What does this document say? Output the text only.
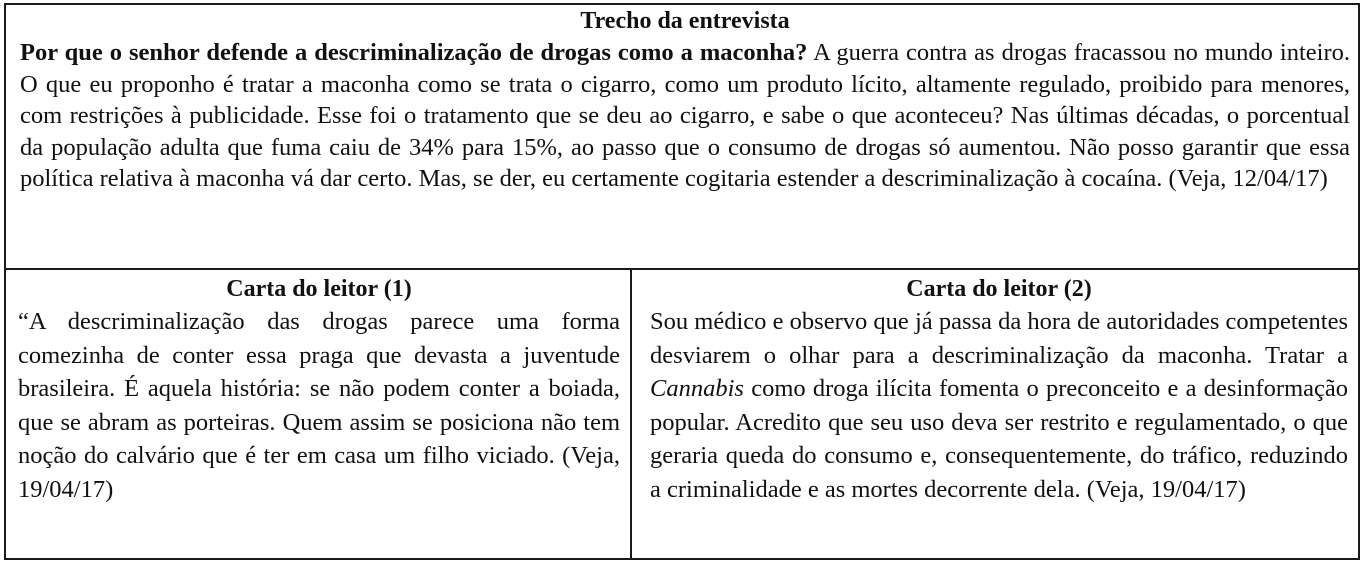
Trecho da entrevista

Por que o senhor defende a descriminalização de drogas como a maconha? A guerra contra as drogas fracassou no mundo inteiro. O que eu proponho é tratar a maconha como se trata o cigarro, como um produto lícito, altamente regulado, proibido para menores, com restrições à publicidade. Esse foi o tratamento que se deu ao cigarro, e sabe o que aconteceu? Nas últimas décadas, o porcentual da população adulta que fuma caiu de 34% para 15%, ao passo que o consumo de drogas só aumentou. Não posso garantir que essa política relativa à maconha vá dar certo. Mas, se der, eu certamente cogitaria estender a descriminalização à cocaína. (Veja, 12/04/17)

Carta do leitor (1)

“A descriminalização das drogas parece uma forma comezinha de conter essa praga que devasta a juventude brasileira. É aquela história: se não podem conter a boiada, que se abram as porteiras. Quem assim se posiciona não tem noção do calvário que é ter em casa um filho viciado. (Veja, 19/04/17)

Carta do leitor (2)

Sou médico e observo que já passa da hora de autoridades competentes desviarem o olhar para a descriminalização da maconha. Tratar a Cannabis como droga ilícita fomenta o preconceito e a desinformação popular. Acredito que seu uso deva ser restrito e regulamentado, o que geraria queda do consumo e, consequentemente, do tráfico, reduzindo a criminalidade e as mortes decorrente dela. (Veja, 19/04/17)
